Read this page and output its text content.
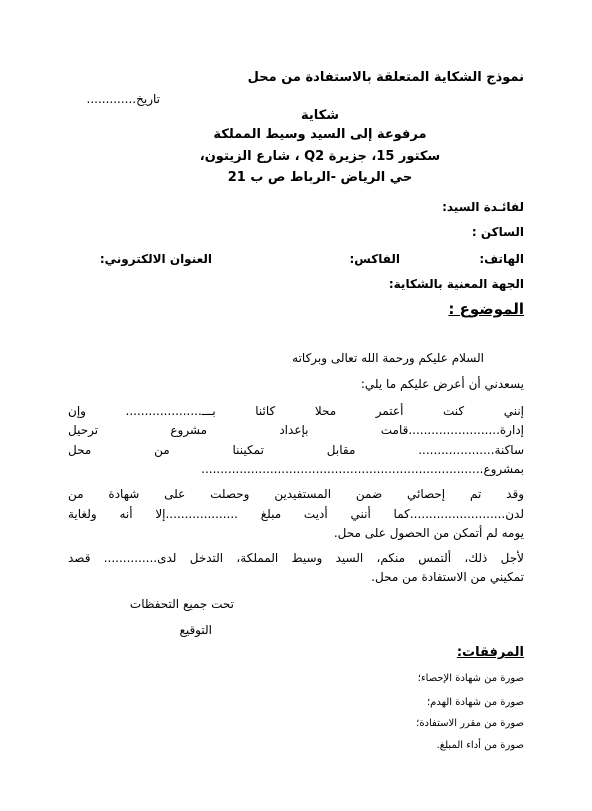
نموذج الشكاية المتعلقة بالاستفادة من محل
تاريخ.............
شكاية
مرفوعة إلى السيد وسيط المملكة
سكتور 15، جزيرة Q2 ، شارع الزيتون،
حي الرياض -الرباط ص ب 21
لفائـدة السيد:
الساكن :
الهاتف:
الفاكس:
العنوان الالكتروني:
الجهة المعنية بالشكاية:
الموضوع :
السلام عليكم ورحمة الله تعالى وبركاته
يسعدني أن أعرض عليكم ما يلي:
إنني كنت أعتمر محلا كائنا بـــ.................... وإن
إدارة........................قامت بإعداد مشروع ترحيل
ساكنة.................... مقابل تمكيننا من محل
بمشروع..........................................................................
وقد تم إحصائي ضمن المستفيدين وحصلت على شهادة من
لدن.........................كما أنني أديت مبلغ ...................إلا أنه ولغاية
يومه لم أتمكن من الحصول على محل.
لأجل ذلك، ألتمس منكم، السيد وسيط المملكة، التدخل لدى.............. قصد
تمكيني من الاستفادة من محل.
تحت جميع التحفظات
التوقيع
المرفقات:
صورة من شهادة الإحصاء؛
صورة من شهادة الهدم؛
صورة من مقرر الاستفادة؛
صورة من أداء المبلغ.
